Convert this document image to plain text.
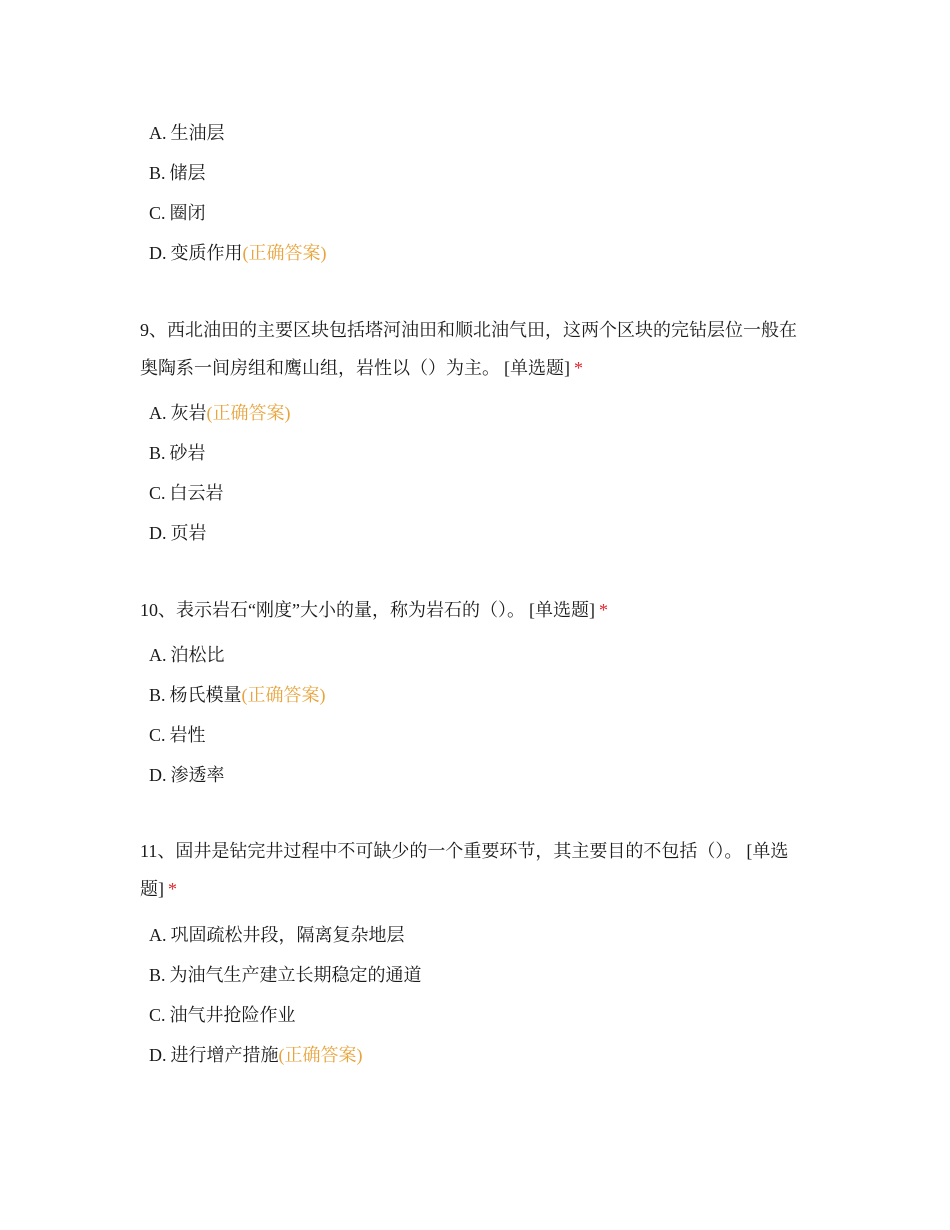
A. 生油层
B. 储层
C. 圈闭
D. 变质作用(正确答案)
9、西北油田的主要区块包括塔河油田和顺北油气田，这两个区块的完钻层位一般在奥陶系一间房组和鹰山组，岩性以（）为主。 [单选题] *
A. 灰岩(正确答案)
B. 砂岩
C. 白云岩
D. 页岩
10、表示岩石“刚度”大小的量，称为岩石的（）。 [单选题] *
A. 泊松比
B. 杨氏模量(正确答案)
C. 岩性
D. 渗透率
11、固井是钻完井过程中不可缺少的一个重要环节，其主要目的不包括（）。 [单选题] *
A. 巩固疏松井段，隔离复杂地层
B. 为油气生产建立长期稳定的通道
C. 油气井抢险作业
D. 进行增产措施(正确答案)
